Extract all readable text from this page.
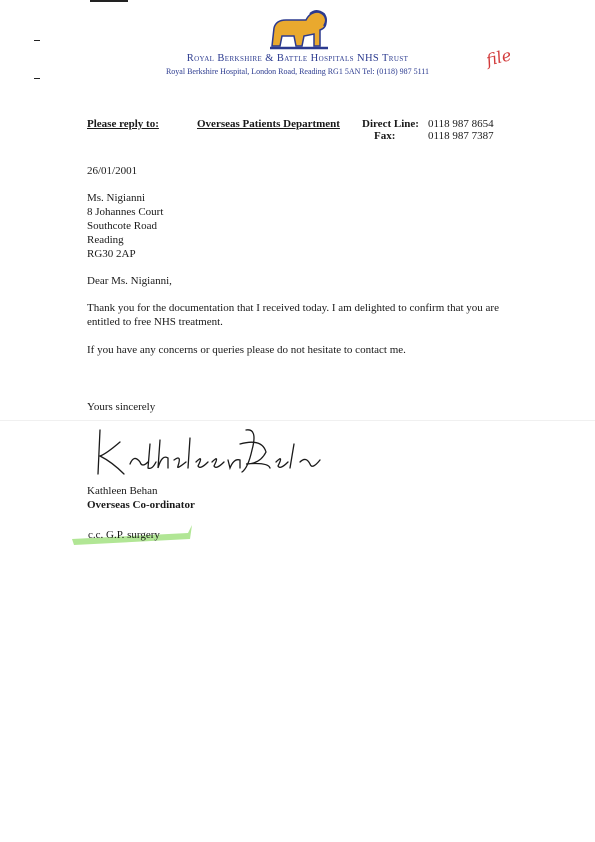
Royal Berkshire & Battle Hospitals NHS Trust
Royal Berkshire Hospital, London Road, Reading RG1 5AN Tel: (0118) 987 5111
file
Please reply to:	Overseas Patients Department Direct Line: 0118 987 8654
Fax:	0118 987 7387
26/01/2001
Ms. Nigianni
8 Johannes Court
Southcote Road
Reading
RG30 2AP
Dear Ms. Nigianni,
Thank you for the documentation that I received today. I am delighted to confirm that you are entitled to free NHS treatment.
If you have any concerns or queries please do not hesitate to contact me.
Yours sincerely
Kathleen Behan
Overseas Co-ordinator
c.c. G.P. surgery
